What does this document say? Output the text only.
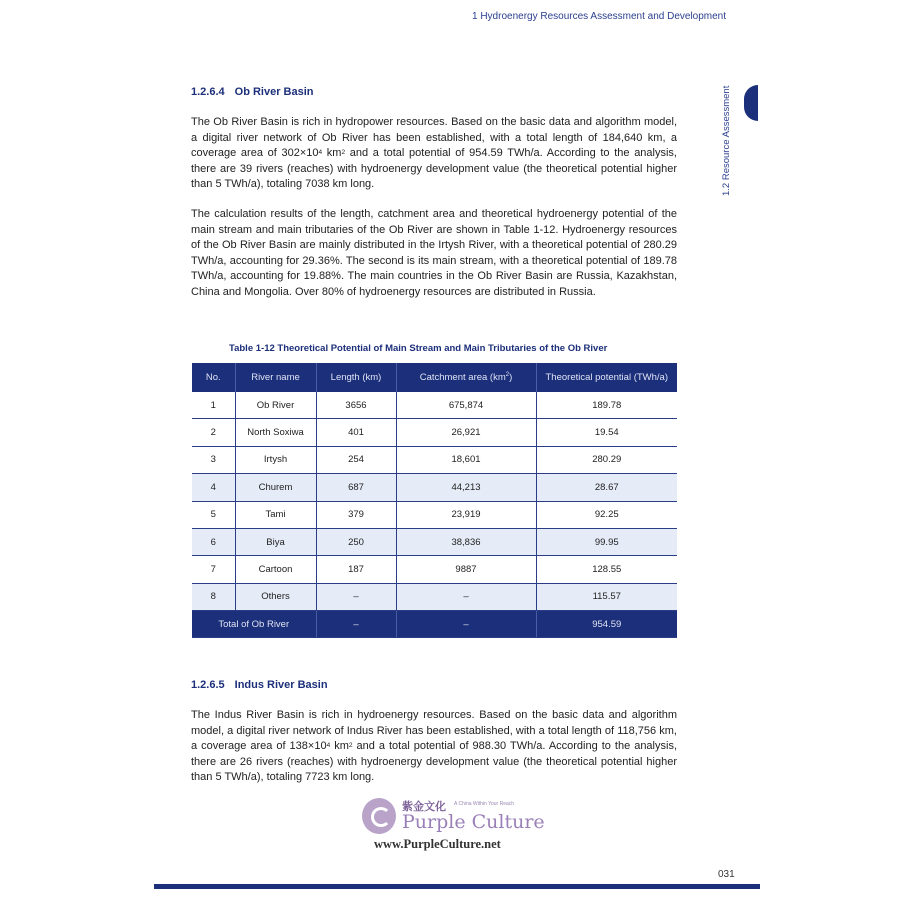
1 Hydroenergy Resources Assessment and Development
1.2 Resource Assessment
1.2.6.4 Ob River Basin
The Ob River Basin is rich in hydropower resources. Based on the basic data and algorithm model, a digital river network of Ob River has been established, with a total length of 184,640 km, a coverage area of $302\times 10^4$ $km^2$ and a total potential of 954.59 TWh/a. According to the analysis, there are 39 rivers (reaches) with hydroenergy development value (the theoretical potential higher than 5 TWh/a), totaling 7038 km long.
The calculation results of the length, catchment area and theoretical hydroenergy potential of the main stream and main tributaries of the Ob River are shown in Table 1-12. Hydroenergy resources of the Ob River Basin are mainly distributed in the Irtysh River, with a theoretical potential of 280.29 TWh/a, accounting for 29.36%. The second is its main stream, with a theoretical potential of 189.78 TWh/a, accounting for 19.88%. The main countries in the Ob River Basin are Russia, Kazakhstan, China and Mongolia. Over 80% of hydroenergy resources are distributed in Russia.
Table 1-12 Theoretical Potential of Main Stream and Main Tributaries of the Ob River
No.	River name	Length (km)	Catchment area $(km^2)$	Theoretical potential (TWh/a)
1	Ob River	3656	675,874	189.78
2	North Soxiwa	401	26,921	19.54
3	Irtysh	254	18,601	280.29
4	Churem	687	44,213	28.67
5	Tami	379	23,919	92.25
6	Biya	250	38,836	99.95
7	Cartoon	187	9887	128.55
8	Others	–	–	115.57
Total of Ob River		–	–	954.59
1.2.6.5 Indus River Basin
The Indus River Basin is rich in hydroenergy resources. Based on the basic data and algorithm model, a digital river network of Indus River has been established, with a total length of 118,756 km, a coverage area of $138\times 10^4$ $km^2$ and a total potential of 988.30 TWh/a. According to the analysis, there are 26 rivers (reaches) with hydroenergy development value (the theoretical potential higher than 5 TWh/a), totaling 7723 km long.
紫金文化 A China Within Your Reach
Purple Culture
www.PurpleCulture.net
031
